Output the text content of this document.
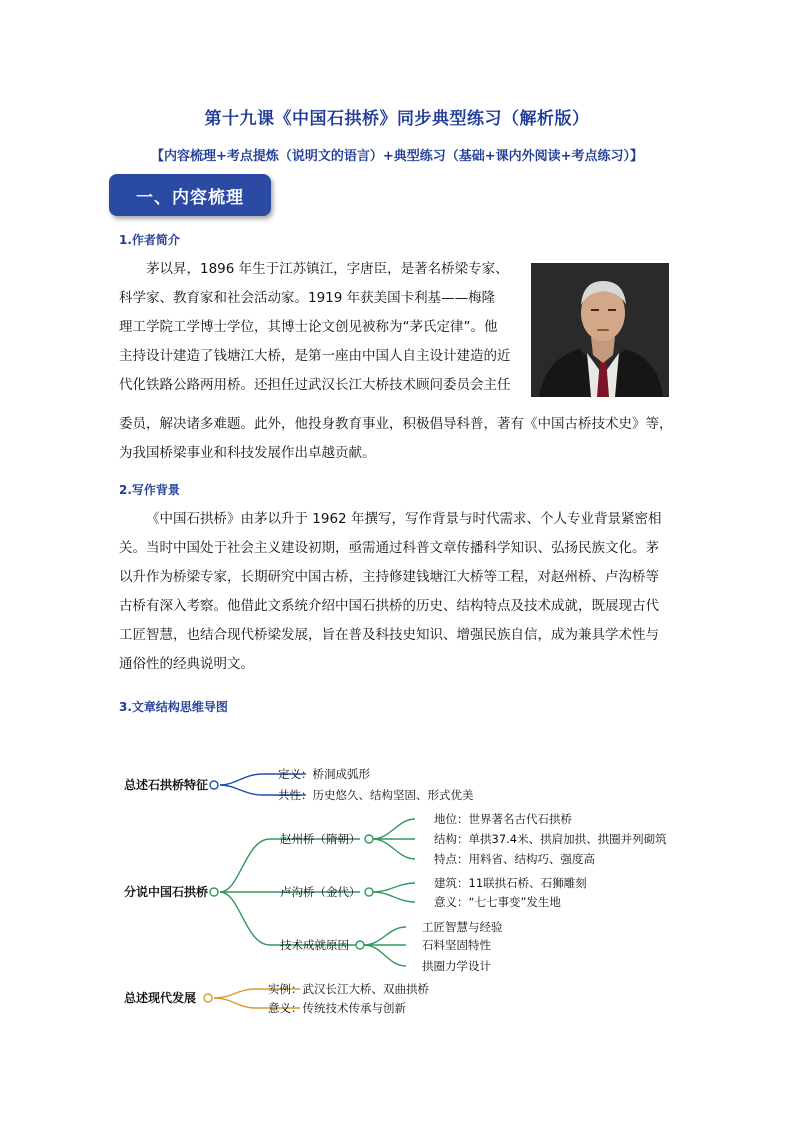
第十九课《中国石拱桥》同步典型练习（解析版）
【内容梳理+考点提炼（说明文的语言）+典型练习（基础+课内外阅读+考点练习）】
一、内容梳理
1.作者简介
茅以昇，1896 年生于江苏镇江，字唐臣，是著名桥梁专家、
科学家、教育家和社会活动家。1919 年获美国卡利基——梅隆
理工学院工学博士学位，其博士论文创见被称为“茅氏定律”。他
主持设计建造了钱塘江大桥，是第一座由中国人自主设计建造的近
代化铁路公路两用桥。还担任过武汉长江大桥技术顾问委员会主任
委员，解决诸多难题。此外，他投身教育事业，积极倡导科普，著有《中国古桥技术史》等，
为我国桥梁事业和科技发展作出卓越贡献。
2.写作背景
《中国石拱桥》由茅以升于 1962 年撰写，写作背景与时代需求、个人专业背景紧密相
关。当时中国处于社会主义建设初期，亟需通过科普文章传播科学知识、弘扬民族文化。茅
以升作为桥梁专家，长期研究中国古桥，主持修建钱塘江大桥等工程，对赵州桥、卢沟桥等
古桥有深入考察。他借此文系统介绍中国石拱桥的历史、结构特点及技术成就，既展现古代
工匠智慧，也结合现代桥梁发展，旨在普及科技史知识、增强民族自信，成为兼具学术性与
通俗性的经典说明文。
3.文章结构思维导图
总述石拱桥特征
定义：桥洞成弧形
共性：历史悠久、结构坚固、形式优美
分说中国石拱桥
赵州桥（隋朝）
卢沟桥（金代）
技术成就原因
地位：世界著名古代石拱桥
结构：单拱37.4米、拱肩加拱、拱圈并列砌筑
特点：用料省、结构巧、强度高
建筑：11联拱石桥、石狮雕刻
意义：“七七事变”发生地
工匠智慧与经验
石料坚固特性
拱圈力学设计
总述现代发展
实例：武汉长江大桥、双曲拱桥
意义：传统技术传承与创新
